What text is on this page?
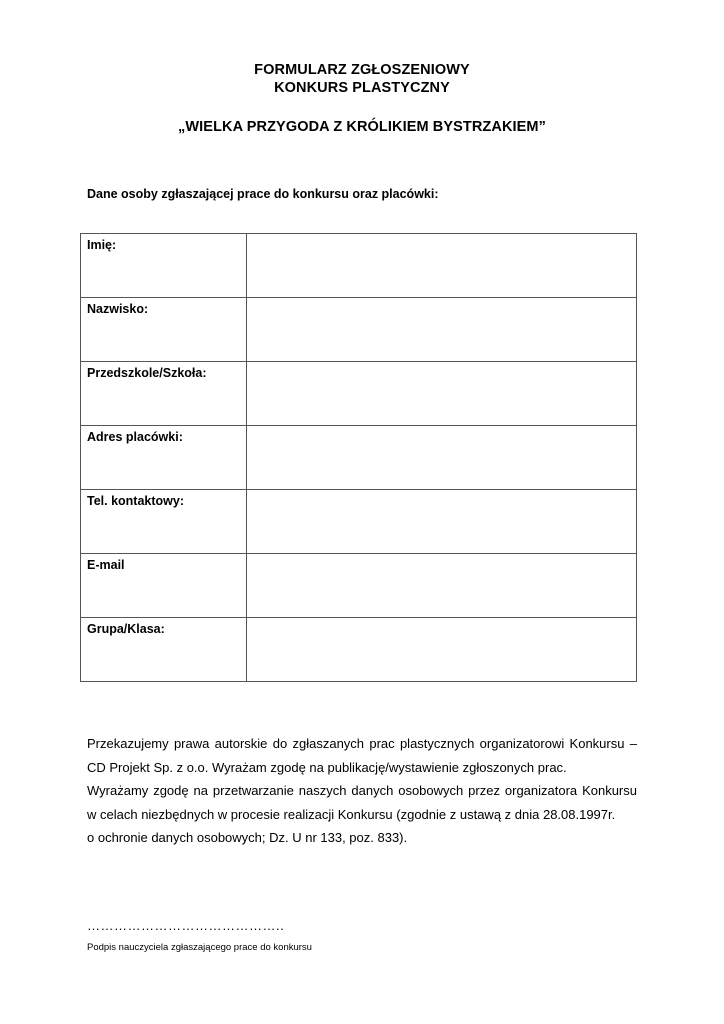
FORMULARZ ZGŁOSZENIOWY
KONKURS PLASTYCZNY
„WIELKA PRZYGODA Z KRÓLIKIEM BYSTRZAKIEM”
Dane osoby zgłaszającej prace do konkursu oraz placówki:
Imię:	
Nazwisko:	
Przedszkole/Szkoła:	
Adres placówki:	
Tel. kontaktowy:	
E-mail	
Grupa/Klasa:	

Przekazujemy prawa autorskie do zgłaszanych prac plastycznych organizatorowi Konkursu – CD Projekt Sp. z o.o. Wyrażam zgodę na publikację/wystawienie zgłoszonych prac.

Wyrażamy zgodę na przetwarzanie naszych danych osobowych przez organizatora Konkursu w celach niezbędnych w procesie realizacji Konkursu (zgodnie z ustawą z dnia 28.08.1997r.

o ochronie danych osobowych; Dz. U nr 133, poz. 833).

……………………………………..
Podpis nauczyciela zgłaszającego prace do konkursu
